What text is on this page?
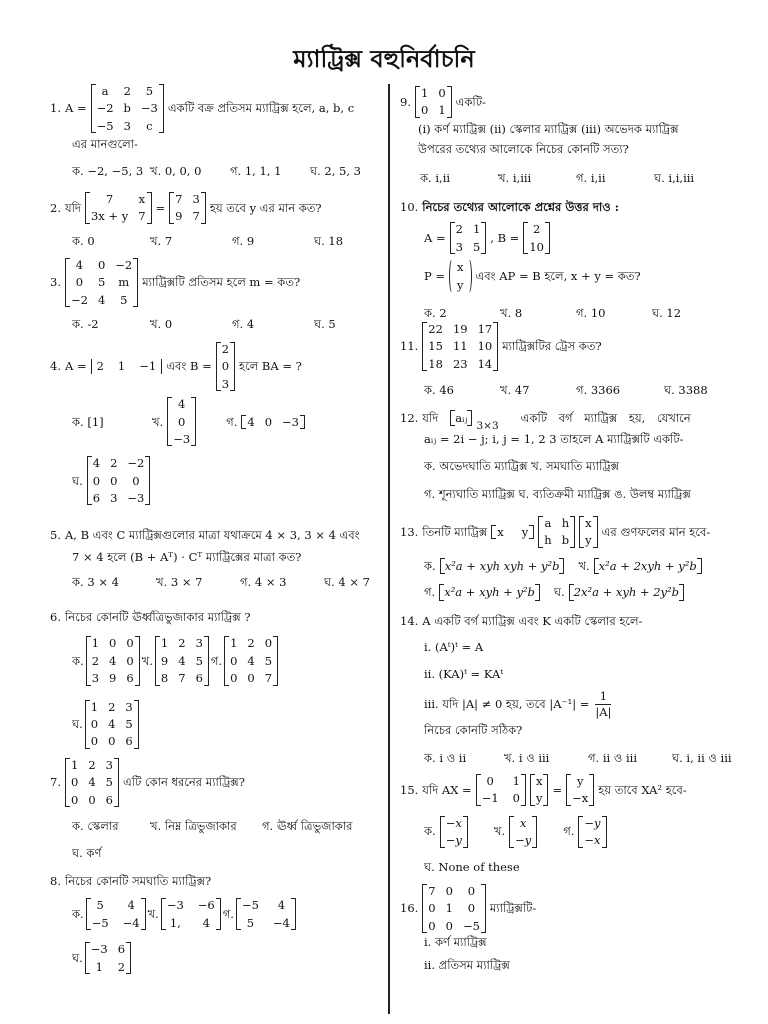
ম্যাট্রিক্স বহুনির্বাচনি
1. A =
a	2	5
−2 b −3
−5 3	c
একটি বক্র প্রতিসম ম্যাট্রিক্স হলে, a, b, c
এর মানগুলো-
ক. −2, −5, 3 খ. 0, 0, 0	গ. 1, 1, 1	ঘ. 2, 5, 3
2. যদি
7	x
3x + y 7
=
7 3
9 7
হয় তবে y এর মান কত?
ক. 0	খ. 7	গ. 9	ঘ. 18
3.
4	0 −2
0	5 m
−2 4	5
ম্যাট্রিক্সটি প্রতিসম হলে m = কত?
ক. -2	খ. 0	গ. 4	ঘ. 5
4. A = 2 1 −1 এবং B =
2
0
3
হলে BA = ?
ক. [1]	খ.
4
0
−3
গ. 4 0 −3
ঘ.
4 2 −2
0 0	0
6 3 −3
5. A, B এবং C ম্যাট্রিক্সগুলোর মাত্রা যথাক্রমে 4 × 3, 3 × 4 এবং
7 × 4 হলে (B + Aᵀ) · Cᵀ ম্যাট্রিক্সের মাত্রা কত?
ক. 3 × 4	খ. 3 × 7	গ. 4 × 3	ঘ. 4 × 7
6. নিচের কোনটি ঊর্ধ্বত্রিভুজাকার ম্যাট্রিক্স ?
ক.
1 0 0
2 4 0
3 9 6
খ.
1 2 3
9 4 5
8 7 6
গ.
1 2 0
0 4 5
0 0 7
ঘ.
1 2 3
0 4 5
0 0 6
7.
1 2 3
0 4 5
0 0 6
এটি কোন ধরনের ম্যাট্রিক্স?
ক. স্কেলার	খ. নিম্ন ত্রিভুজাকার	গ. ঊর্ধ্ব ত্রিভুজাকার
ঘ. কর্ণ
8. নিচের কোনটি সমঘাতি ম্যাট্রিক্স?
ক.
5	4
−5 −4
খ.
−3 −6
1,	4
গ.
−5	4
5	−4
ঘ.
−3 6
1	2
9.
1 0
0 1
একটি-
(i) কর্ণ ম্যাট্রিক্স (ii) স্কেলার ম্যাট্রিক্স (iii) অভেদক ম্যাট্রিক্স
উপরের তথ্যের আলোকে নিচের কোনটি সত্য?
ক. i,ii	খ. i,iii	গ. i,ii	ঘ. i,i,iii
10. নিচের তথ্যের আলোকে প্রশ্নের উত্তর দাও :
A =
2 1
3 5
, B =
2
10
P =
x
y
এবং AP = B হলে, x + y = কত?
ক. 2	খ. 8	গ. 10	ঘ. 12
11.
22 19 17
15 11 10
18 23 14
ম্যাট্রিক্সটির ট্রেস কত?
ক. 46	খ. 47	গ. 3366	ঘ. 3388
12. যদি	aᵢⱼ
3×3
একটি বর্গ ম্যাট্রিক্স হয়, যেখানে
aᵢⱼ = 2i − j; i, j = 1, 2 3 তাহলে A ম্যাট্রিক্সটি একটি-
ক. অভেদঘাতি ম্যাট্রিক্স খ. সমঘাতি ম্যাট্রিক্স
গ. শূন্যঘাতি ম্যাট্রিক্স ঘ. ব্যতিক্রমী ম্যাট্রিক্স ঙ. উলম্ব ম্যাট্রিক্স
13. তিনটি ম্যাট্রিক্স x y
a h
h b
x
y
এর গুণফলের মান হবে-
ক. x²a + xyh xyh + y²b	খ. x²a + 2xyh + y²b
গ. x²a + xyh + y²b	ঘ. 2x²a + xyh + 2y²b
14. A একটি বর্গ ম্যাট্রিক্স এবং K একটি স্কেলার হলে-
i. (Aᵗ)ᵗ = A
ii. (KA)ᵗ = KAᵗ
iii. যদি |A| ≠ 0 হয়, তবে $|A^{-1}| = \frac{1}{|A|}$
নিচের কোনটি সঠিক?
ক. i ও ii	খ. i ও iii	গ. ii ও iii	ঘ. i, ii ও iii
15. যদি AX =
0	1
−1 0
x
y
=
y
−x
হয় তাবে XA² হবে-
ক.
−x
−y
খ.
x
−y
গ.
−y
−x
ঘ. None of these
16.
7 0	0
0 1	0
0 0 −5
ম্যাট্রিক্সটি-
i. কর্ণ ম্যাট্রিক্স
ii. প্রতিসম ম্যাট্রিক্স
